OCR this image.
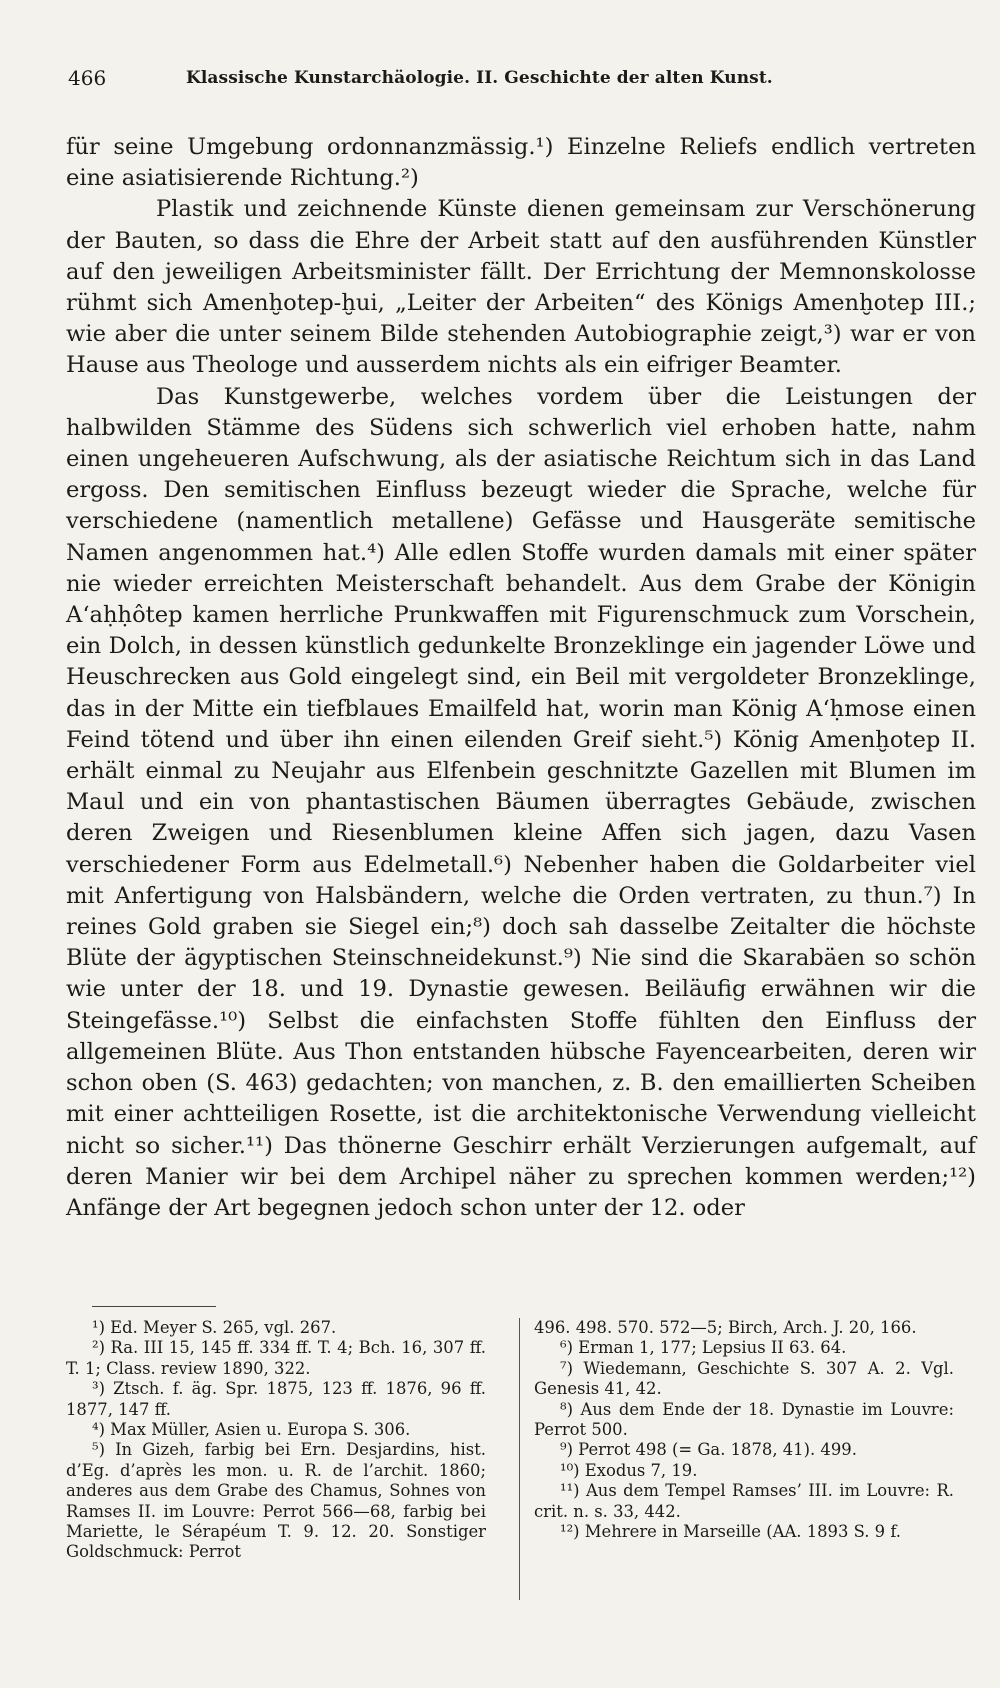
466	Klassische Kunstarchäologie. II. Geschichte der alten Kunst.

für seine Umgebung ordonnanzmässig.¹) Einzelne Reliefs endlich vertreten eine asiatisierende Richtung.²)

Plastik und zeichnende Künste dienen gemeinsam zur Verschönerung der Bauten, so dass die Ehre der Arbeit statt auf den ausführenden Künstler auf den jeweiligen Arbeitsminister fällt. Der Errichtung der Memnonskolosse rühmt sich Amenḫotep-ḫui, „Leiter der Arbeiten“ des Königs Amenḫotep III.; wie aber die unter seinem Bilde stehenden Autobiographie zeigt,³) war er von Hause aus Theologe und ausserdem nichts als ein eifriger Beamter.

Das Kunstgewerbe, welches vordem über die Leistungen der halbwilden Stämme des Südens sich schwerlich viel erhoben hatte, nahm einen ungeheueren Aufschwung, als der asiatische Reichtum sich in das Land ergoss. Den semitischen Einfluss bezeugt wieder die Sprache, welche für verschiedene (namentlich metallene) Gefässe und Hausgeräte semitische Namen angenommen hat.⁴) Alle edlen Stoffe wurden damals mit einer später nie wieder erreichten Meisterschaft behandelt. Aus dem Grabe der Königin A‘aḥḥôtep kamen herrliche Prunkwaffen mit Figurenschmuck zum Vorschein, ein Dolch, in dessen künstlich gedunkelte Bronzeklinge ein jagender Löwe und Heuschrecken aus Gold eingelegt sind, ein Beil mit vergoldeter Bronzeklinge, das in der Mitte ein tiefblaues Emailfeld hat, worin man König A‘ḥmose einen Feind tötend und über ihn einen eilenden Greif sieht.⁵) König Amenḫotep II. erhält einmal zu Neujahr aus Elfenbein geschnitzte Gazellen mit Blumen im Maul und ein von phantastischen Bäumen überragtes Gebäude, zwischen deren Zweigen und Riesenblumen kleine Affen sich jagen, dazu Vasen verschiedener Form aus Edelmetall.⁶) Nebenher haben die Goldarbeiter viel mit Anfertigung von Halsbändern, welche die Orden vertraten, zu thun.⁷) In reines Gold graben sie Siegel ein;⁸) doch sah dasselbe Zeitalter die höchste Blüte der ägyptischen Steinschneidekunst.⁹) Nie sind die Skarabäen so schön wie unter der 18. und 19. Dynastie gewesen. Beiläufig erwähnen wir die Steingefässe.¹⁰) Selbst die einfachsten Stoffe fühlten den Einfluss der allgemeinen Blüte. Aus Thon entstanden hübsche Fayencearbeiten, deren wir schon oben (S. 463) gedachten; von manchen, z. B. den emaillierten Scheiben mit einer achtteiligen Rosette, ist die architektonische Verwendung vielleicht nicht so sicher.¹¹) Das thönerne Geschirr erhält Verzierungen aufgemalt, auf deren Manier wir bei dem Archipel näher zu sprechen kommen werden;¹²) Anfänge der Art begegnen jedoch schon unter der 12. oder

¹) Ed. Meyer S. 265, vgl. 267.

²) Ra. III 15, 145 ff. 334 ff. T. 4; Bch. 16, 307 ff. T. 1; Class. review 1890, 322.

³) Ztsch. f. äg. Spr. 1875, 123 ff. 1876, 96 ff. 1877, 147 ff.

⁴) Max Müller, Asien u. Europa S. 306.

⁵) In Gizeh, farbig bei Ern. Desjardins, hist. d’Eg. d’après les mon. u. R. de l’archit. 1860; anderes aus dem Grabe des Chamus, Sohnes von Ramses II. im Louvre: Perrot 566—68, farbig bei Mariette, le Sérapéum T. 9. 12. 20. Sonstiger Goldschmuck: Perrot

496. 498. 570. 572—5; Birch, Arch. J. 20, 166.

⁶) Erman 1, 177; Lepsius II 63. 64.

⁷) Wiedemann, Geschichte S. 307 A. 2. Vgl. Genesis 41, 42.

⁸) Aus dem Ende der 18. Dynastie im Louvre: Perrot 500.

⁹) Perrot 498 (= Ga. 1878, 41). 499.

¹⁰) Exodus 7, 19.

¹¹) Aus dem Tempel Ramses’ III. im Louvre: R. crit. n. s. 33, 442.

¹²) Mehrere in Marseille (AA. 1893 S. 9 f.
